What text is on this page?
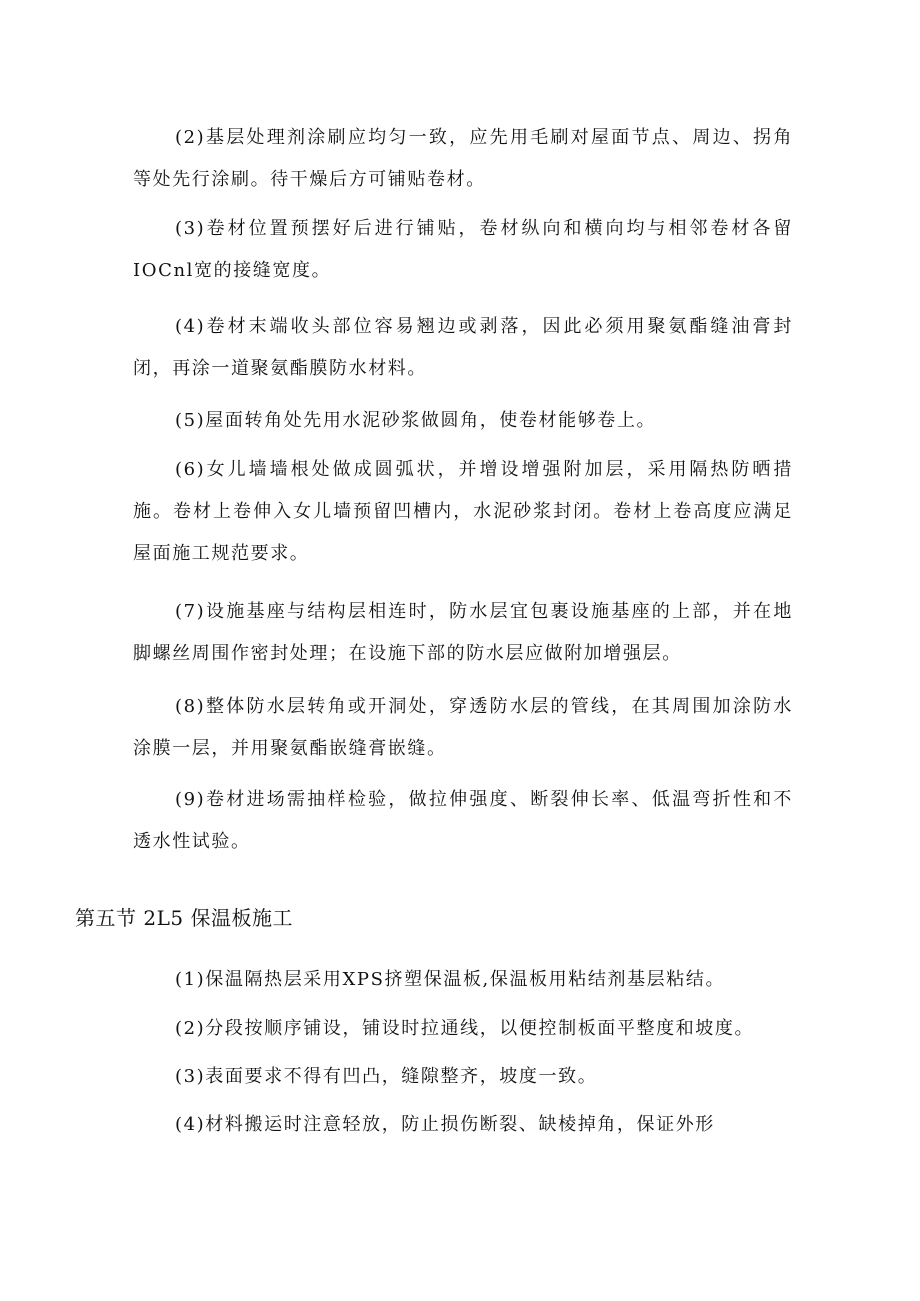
(2)基层处理剂涂刷应均匀一致，应先用毛刷对屋面节点、周边、拐角等处先行涂刷。待干燥后方可铺贴卷材。

(3)卷材位置预摆好后进行铺贴，卷材纵向和横向均与相邻卷材各留IOCnl宽的接缝宽度。

(4)卷材末端收头部位容易翘边或剥落，因此必须用聚氨酯缝油膏封闭，再涂一道聚氨酯膜防水材料。

(5)屋面转角处先用水泥砂浆做圆角，使卷材能够卷上。

(6)女儿墙墙根处做成圆弧状，并增设增强附加层，采用隔热防晒措施。卷材上卷伸入女儿墙预留凹槽内，水泥砂浆封闭。卷材上卷高度应满足屋面施工规范要求。

(7)设施基座与结构层相连时，防水层宜包裹设施基座的上部，并在地脚螺丝周围作密封处理；在设施下部的防水层应做附加增强层。

(8)整体防水层转角或开洞处，穿透防水层的管线，在其周围加涂防水涂膜一层，并用聚氨酯嵌缝膏嵌缝。

(9)卷材进场需抽样检验，做拉伸强度、断裂伸长率、低温弯折性和不透水性试验。

第五节 2L5 保温板施工

(1)保温隔热层采用XPS挤塑保温板,保温板用粘结剂基层粘结。

(2)分段按顺序铺设，铺设时拉通线，以便控制板面平整度和坡度。

(3)表面要求不得有凹凸，缝隙整齐，坡度一致。

(4)材料搬运时注意轻放，防止损伤断裂、缺棱掉角，保证外形
